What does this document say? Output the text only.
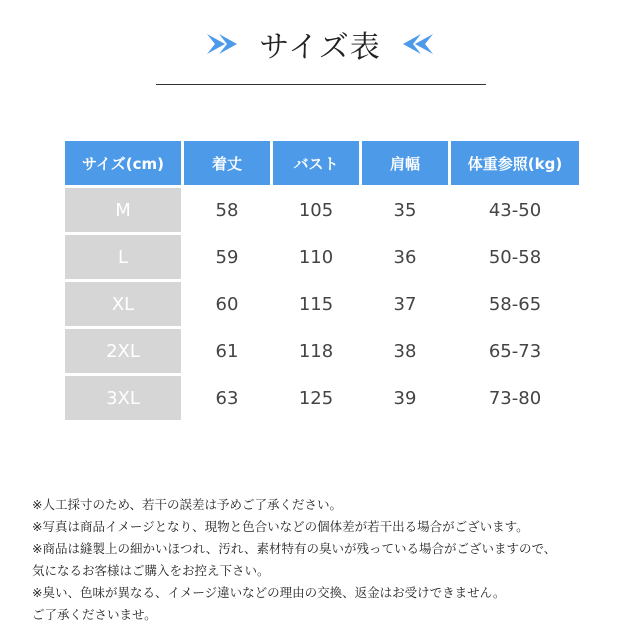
サイズ表
サイズ(cm)	着丈	バスト	肩幅	体重参照(kg)
M	58	105	35	43-50
L	59	110	36	50-58
XL	60	115	37	58-65
2XL	61	118	38	65-73
3XL	63	125	39	73-80
※人工採寸のため、若干の誤差は予めご了承ください。
※写真は商品イメージとなり、現物と色合いなどの個体差が若干出る場合がございます。
※商品は縫製上の細かいほつれ、汚れ、素材特有の臭いが残っている場合がございますので、
気になるお客様はご購入をお控え下さい。
※臭い、色味が異なる、イメージ違いなどの理由の交換、返金はお受けできません。
ご了承くださいませ。
